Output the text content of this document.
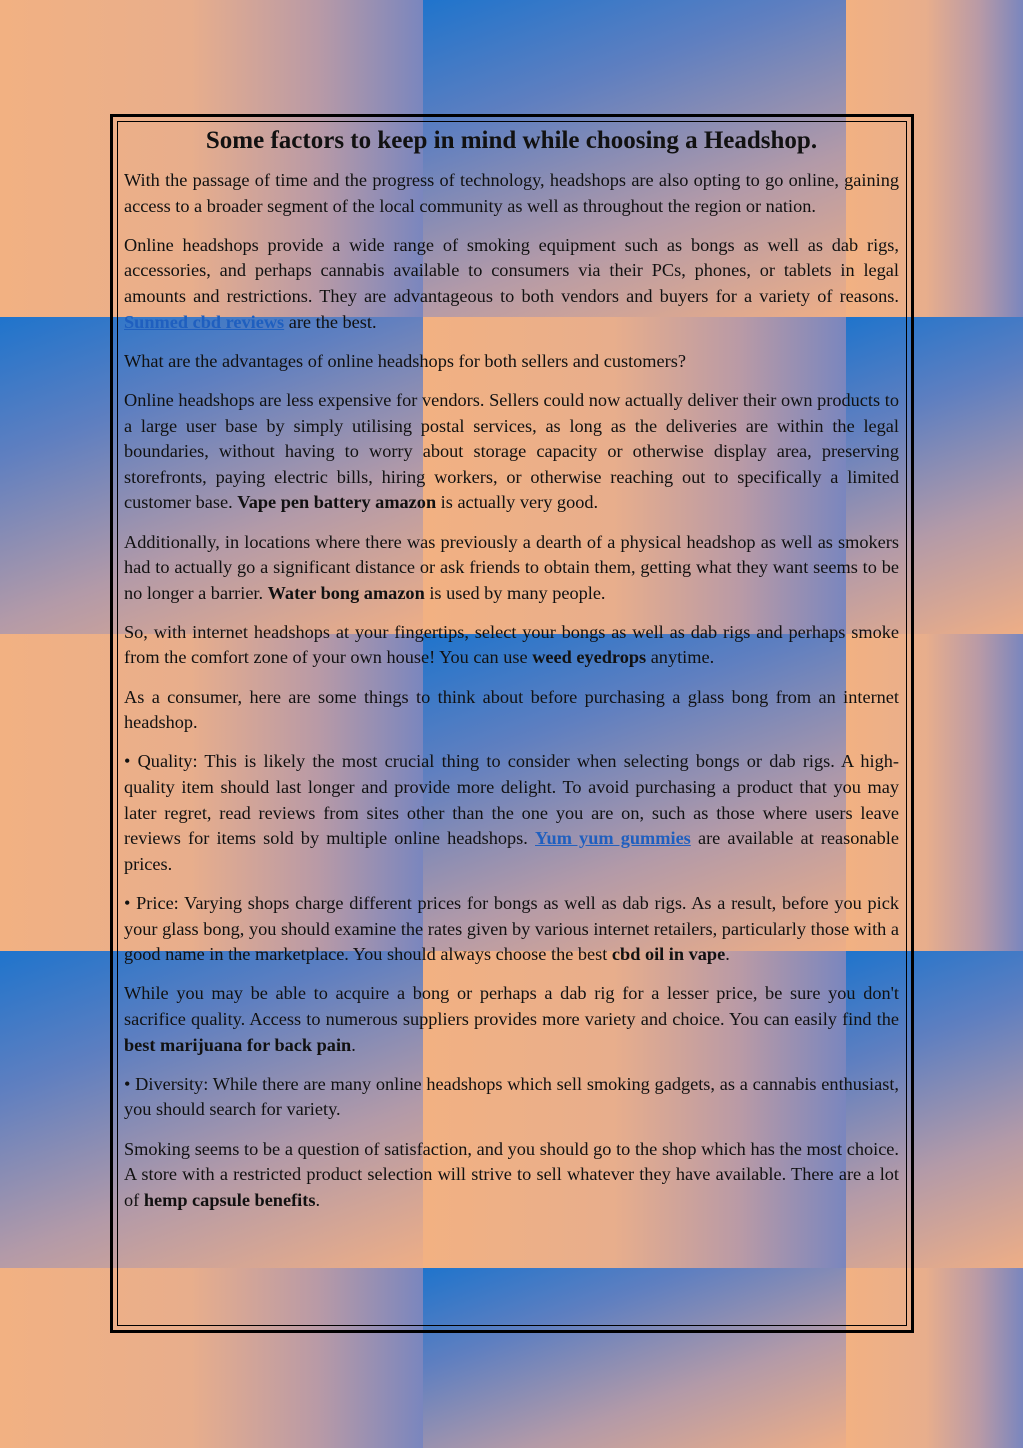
Some factors to keep in mind while choosing a Headshop.

With the passage of time and the progress of technology, headshops are also opting to go online, gaining access to a broader segment of the local community as well as throughout the region or nation.

Online headshops provide a wide range of smoking equipment such as bongs as well as dab rigs, accessories, and perhaps cannabis available to consumers via their PCs, phones, or tablets in legal amounts and restrictions. They are advantageous to both vendors and buyers for a variety of reasons. Sunmed cbd reviews are the best.

What are the advantages of online headshops for both sellers and customers?

Online headshops are less expensive for vendors. Sellers could now actually deliver their own products to a large user base by simply utilising postal services, as long as the deliveries are within the legal boundaries, without having to worry about storage capacity or otherwise display area, preserving storefronts, paying electric bills, hiring workers, or otherwise reaching out to specifically a limited customer base. Vape pen battery amazon is actually very good.

Additionally, in locations where there was previously a dearth of a physical headshop as well as smokers had to actually go a significant distance or ask friends to obtain them, getting what they want seems to be no longer a barrier. Water bong amazon is used by many people.

So, with internet headshops at your fingertips, select your bongs as well as dab rigs and perhaps smoke from the comfort zone of your own house! You can use weed eyedrops anytime.

As a consumer, here are some things to think about before purchasing a glass bong from an internet headshop.

• Quality: This is likely the most crucial thing to consider when selecting bongs or dab rigs. A high-quality item should last longer and provide more delight. To avoid purchasing a product that you may later regret, read reviews from sites other than the one you are on, such as those where users leave reviews for items sold by multiple online headshops. Yum yum gummies are available at reasonable prices.

• Price: Varying shops charge different prices for bongs as well as dab rigs. As a result, before you pick your glass bong, you should examine the rates given by various internet retailers, particularly those with a good name in the marketplace. You should always choose the best cbd oil in vape.

While you may be able to acquire a bong or perhaps a dab rig for a lesser price, be sure you don't sacrifice quality. Access to numerous suppliers provides more variety and choice. You can easily find the best marijuana for back pain.

• Diversity: While there are many online headshops which sell smoking gadgets, as a cannabis enthusiast, you should search for variety.

Smoking seems to be a question of satisfaction, and you should go to the shop which has the most choice. A store with a restricted product selection will strive to sell whatever they have available. There are a lot of hemp capsule benefits.
